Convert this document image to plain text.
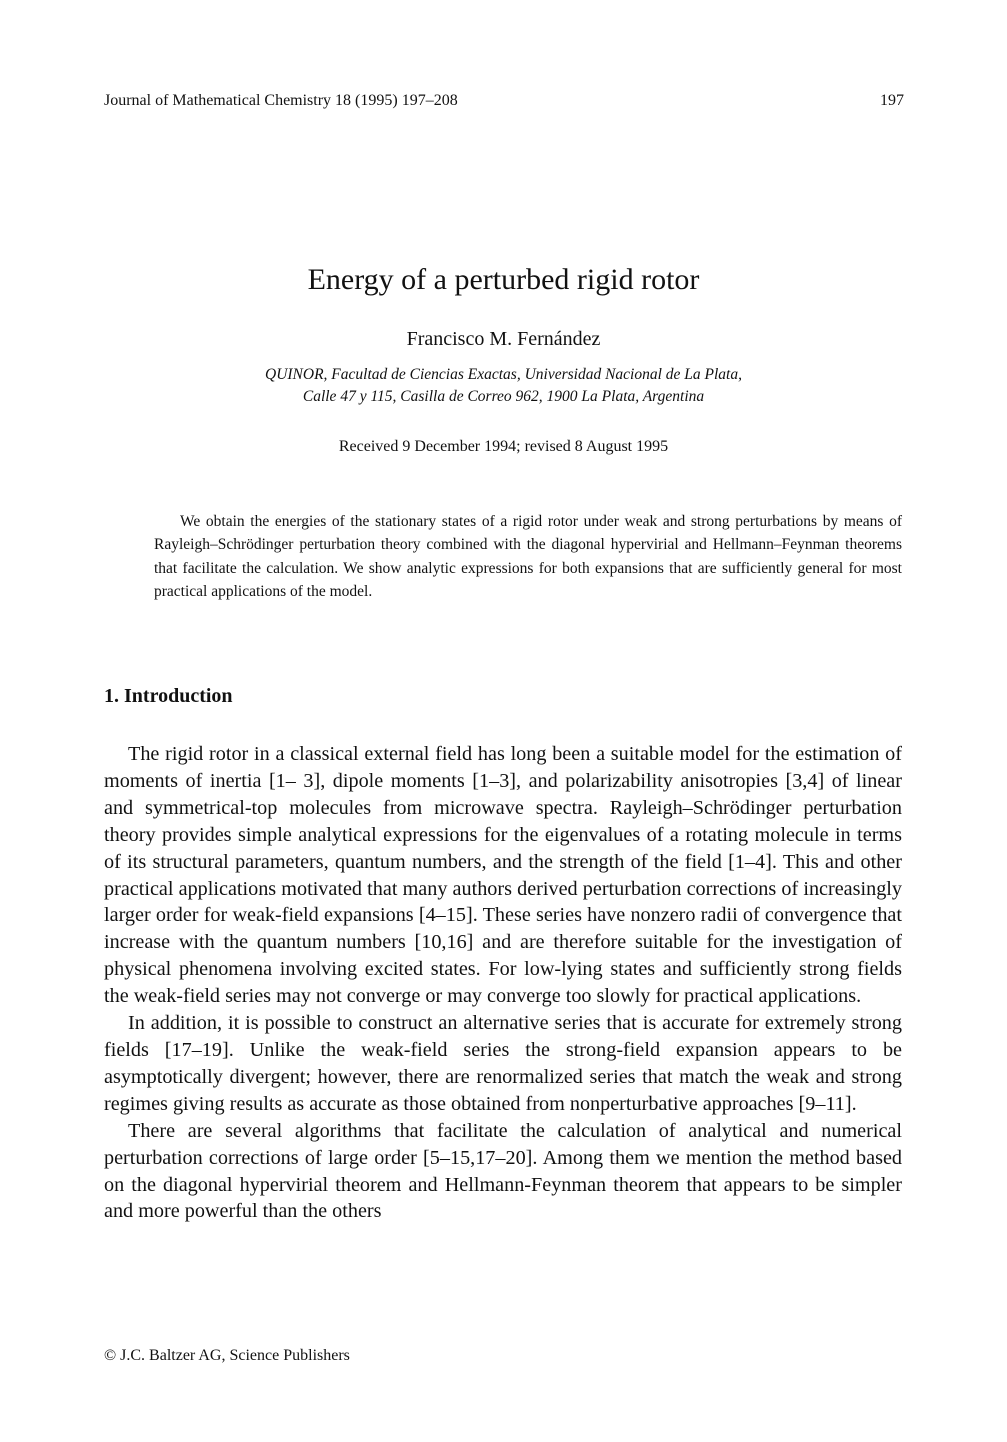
Journal of Mathematical Chemistry 18 (1995) 197–208	197
Energy of a perturbed rigid rotor
Francisco M. Fernández
QUINOR, Facultad de Ciencias Exactas, Universidad Nacional de La Plata,
Calle 47 y 115, Casilla de Correo 962, 1900 La Plata, Argentina
Received 9 December 1994; revised 8 August 1995
We obtain the energies of the stationary states of a rigid rotor under weak and strong perturbations by means of Rayleigh–Schrödinger perturbation theory combined with the diagonal hypervirial and Hellmann–Feynman theorems that facilitate the calculation. We show analytic expressions for both expansions that are sufficiently general for most practical applications of the model.
1. Introduction

The rigid rotor in a classical external field has long been a suitable model for the estimation of moments of inertia [1– 3], dipole moments [1–3], and polarizability anisotropies [3,4] of linear and symmetrical-top molecules from microwave spectra. Rayleigh–Schrödinger perturbation theory provides simple analytical expressions for the eigenvalues of a rotating molecule in terms of its structural parameters, quantum numbers, and the strength of the field [1–4]. This and other practical applications motivated that many authors derived perturbation corrections of increasingly larger order for weak-field expansions [4–15]. These series have nonzero radii of convergence that increase with the quantum numbers [10,16] and are therefore suitable for the investigation of physical phenomena involving excited states. For low-lying states and sufficiently strong fields the weak-field series may not converge or may converge too slowly for practical applications.

In addition, it is possible to construct an alternative series that is accurate for extremely strong fields [17–19]. Unlike the weak-field series the strong-field expansion appears to be asymptotically divergent; however, there are renormalized series that match the weak and strong regimes giving results as accurate as those obtained from nonperturbative approaches [9–11].

There are several algorithms that facilitate the calculation of analytical and numerical perturbation corrections of large order [5–15,17–20]. Among them we mention the method based on the diagonal hypervirial theorem and Hellmann-Feynman theorem that appears to be simpler and more powerful than the others

© J.C. Baltzer AG, Science Publishers
